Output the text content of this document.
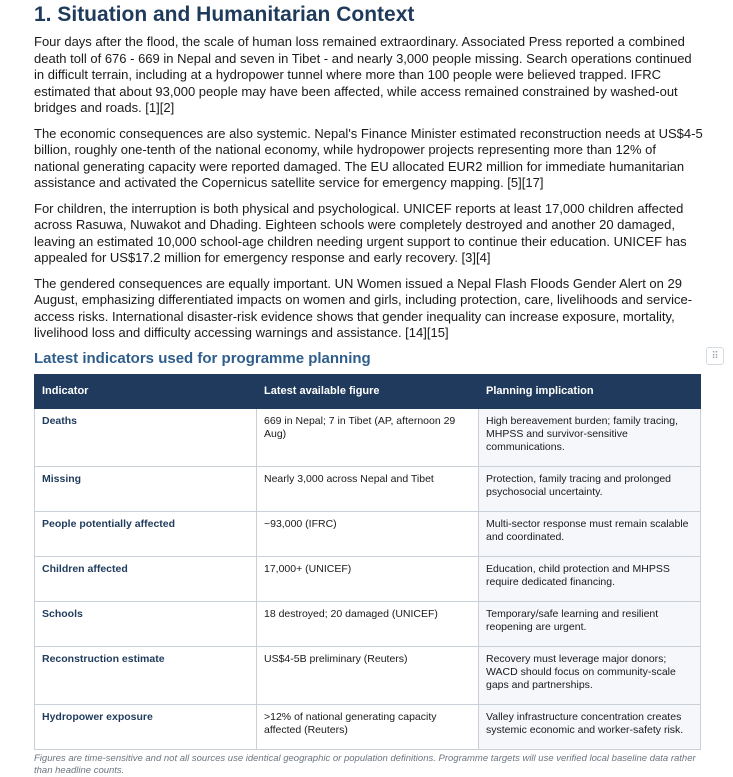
1. Situation and Humanitarian Context

Four days after the flood, the scale of human loss remained extraordinary. Associated Press reported a combined death toll of 676 - 669 in Nepal and seven in Tibet - and nearly 3,000 people missing. Search operations continued in difficult terrain, including at a hydropower tunnel where more than 100 people were believed trapped. IFRC estimated that about 93,000 people may have been affected, while access remained constrained by washed-out bridges and roads. [1][2]

The economic consequences are also systemic. Nepal's Finance Minister estimated reconstruction needs at US$4-5 billion, roughly one-tenth of the national economy, while hydropower projects representing more than 12% of national generating capacity were reported damaged. The EU allocated EUR2 million for immediate humanitarian assistance and activated the Copernicus satellite service for emergency mapping. [5][17]

For children, the interruption is both physical and psychological. UNICEF reports at least 17,000 children affected across Rasuwa, Nuwakot and Dhading. Eighteen schools were completely destroyed and another 20 damaged, leaving an estimated 10,000 school-age children needing urgent support to continue their education. UNICEF has appealed for US$17.2 million for emergency response and early recovery. [3][4]

The gendered consequences are equally important. UN Women issued a Nepal Flash Floods Gender Alert on 29 August, emphasizing differentiated impacts on women and girls, including protection, care, livelihoods and service-access risks. International disaster-risk evidence shows that gender inequality can increase exposure, mortality, livelihood loss and difficulty accessing warnings and assistance. [14][15]

Latest indicators used for programme planning
Indicator	Latest available figure	Planning implication
Deaths	669 in Nepal; 7 in Tibet (AP, afternoon 29 Aug)	High bereavement burden; family tracing, MHPSS and survivor-sensitive communications.
Missing	Nearly 3,000 across Nepal and Tibet	Protection, family tracing and prolonged psychosocial uncertainty.
People potentially affected	~93,000 (IFRC)	Multi-sector response must remain scalable and coordinated.
Children affected	17,000+ (UNICEF)	Education, child protection and MHPSS require dedicated financing.
Schools	18 destroyed; 20 damaged (UNICEF)	Temporary/safe learning and resilient reopening are urgent.
Reconstruction estimate	US$4-5B preliminary (Reuters)	Recovery must leverage major donors; WACD should focus on community-scale gaps and partnerships.
Hydropower exposure	>12% of national generating capacity affected (Reuters)	Valley infrastructure concentration creates systemic economic and worker-safety risk.
Figures are time-sensitive and not all sources use identical geographic or population definitions. Programme targets will use verified local baseline data rather than headline counts.
⠿
